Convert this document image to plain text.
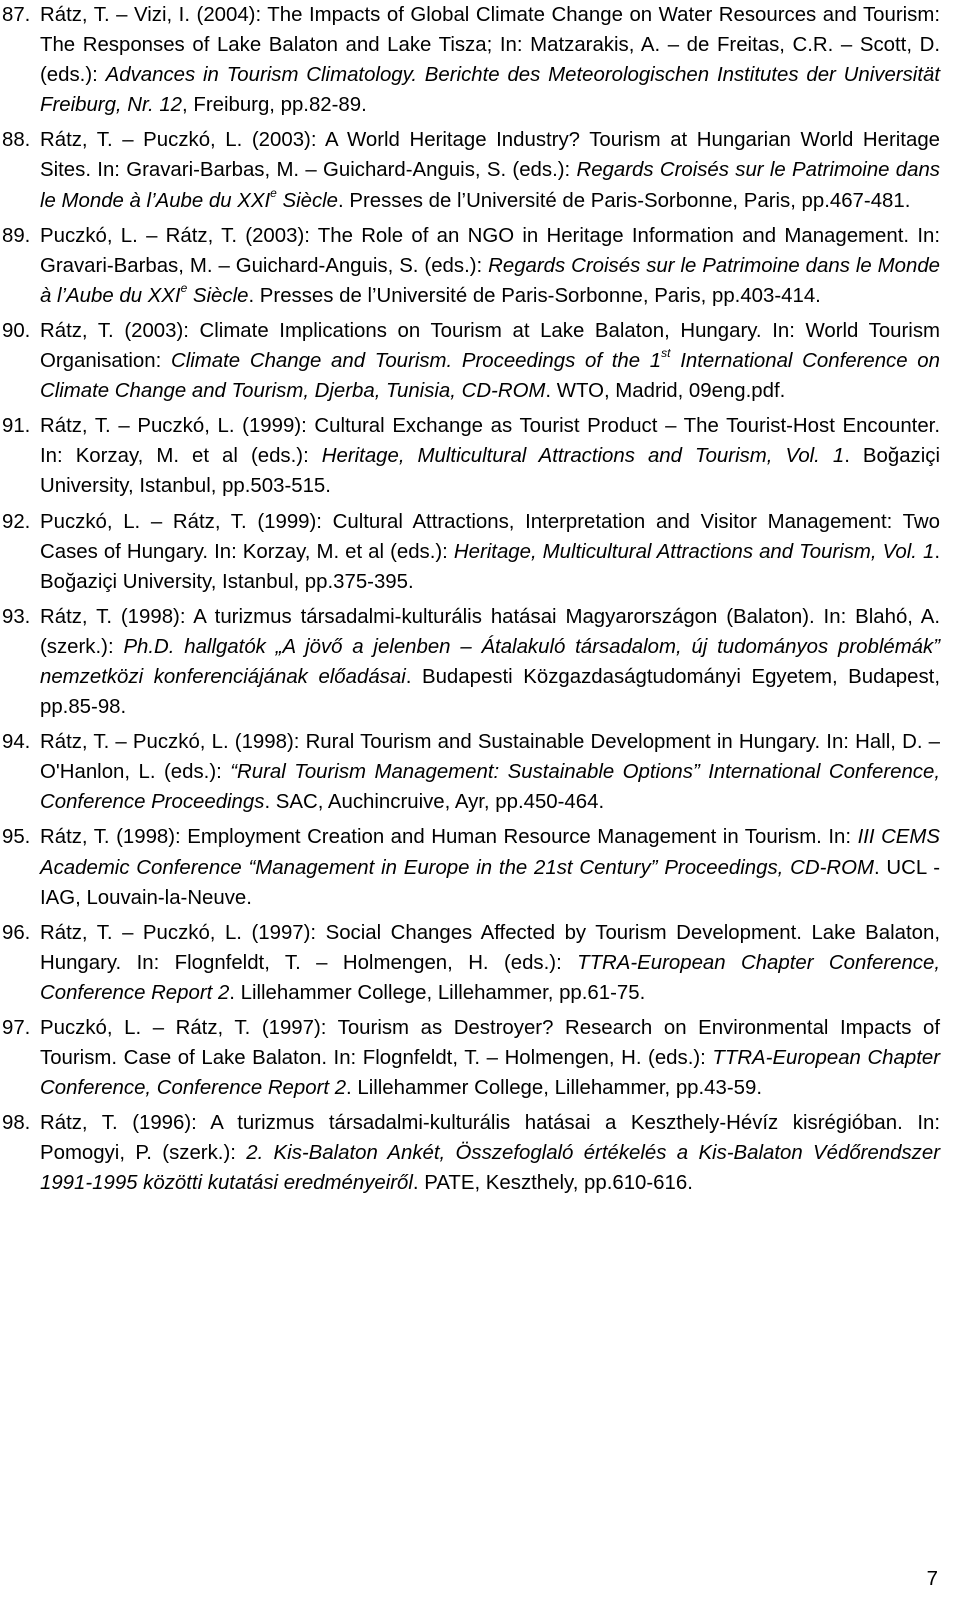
87. Rátz, T. – Vizi, I. (2004): The Impacts of Global Climate Change on Water Resources and Tourism: The Responses of Lake Balaton and Lake Tisza; In: Matzarakis, A. – de Freitas, C.R. – Scott, D. (eds.): Advances in Tourism Climatology. Berichte des Meteorologischen Institutes der Universität Freiburg, Nr. 12, Freiburg, pp.82-89.
88. Rátz, T. – Puczkó, L. (2003): A World Heritage Industry? Tourism at Hungarian World Heritage Sites. In: Gravari-Barbas, M. – Guichard-Anguis, S. (eds.): Regards Croisés sur le Patrimoine dans le Monde à l’Aube du XXIe Siècle. Presses de l’Université de Paris-Sorbonne, Paris, pp.467-481.
89. Puczkó, L. – Rátz, T. (2003): The Role of an NGO in Heritage Information and Management. In: Gravari-Barbas, M. – Guichard-Anguis, S. (eds.): Regards Croisés sur le Patrimoine dans le Monde à l’Aube du XXIe Siècle. Presses de l’Université de Paris-Sorbonne, Paris, pp.403-414.
90. Rátz, T. (2003): Climate Implications on Tourism at Lake Balaton, Hungary. In: World Tourism Organisation: Climate Change and Tourism. Proceedings of the 1st International Conference on Climate Change and Tourism, Djerba, Tunisia, CD-ROM. WTO, Madrid, 09eng.pdf.
91. Rátz, T. – Puczkó, L. (1999): Cultural Exchange as Tourist Product – The Tourist-Host Encounter. In: Korzay, M. et al (eds.): Heritage, Multicultural Attractions and Tourism, Vol. 1. Boğaziçi University, Istanbul, pp.503-515.
92. Puczkó, L. – Rátz, T. (1999): Cultural Attractions, Interpretation and Visitor Management: Two Cases of Hungary. In: Korzay, M. et al (eds.): Heritage, Multicultural Attractions and Tourism, Vol. 1. Boğaziçi University, Istanbul, pp.375-395.
93. Rátz, T. (1998): A turizmus társadalmi-kulturális hatásai Magyarországon (Balaton). In: Blahó, A. (szerk.): Ph.D. hallgatók „A jövő a jelenben – Átalakuló társadalom, új tudományos problémák” nemzetközi konferenciájának előadásai. Budapesti Közgazdaságtudományi Egyetem, Budapest, pp.85-98.
94. Rátz, T. – Puczkó, L. (1998): Rural Tourism and Sustainable Development in Hungary. In: Hall, D. – O'Hanlon, L. (eds.): “Rural Tourism Management: Sustainable Options” International Conference, Conference Proceedings. SAC, Auchincruive, Ayr, pp.450-464.
95. Rátz, T. (1998): Employment Creation and Human Resource Management in Tourism. In: III CEMS Academic Conference “Management in Europe in the 21st Century” Proceedings, CD-ROM. UCL - IAG, Louvain-la-Neuve.
96. Rátz, T. – Puczkó, L. (1997): Social Changes Affected by Tourism Development. Lake Balaton, Hungary. In: Flognfeldt, T. – Holmengen, H. (eds.): TTRA-European Chapter Conference, Conference Report 2. Lillehammer College, Lillehammer, pp.61-75.
97. Puczkó, L. – Rátz, T. (1997): Tourism as Destroyer? Research on Environmental Impacts of Tourism. Case of Lake Balaton. In: Flognfeldt, T. – Holmengen, H. (eds.): TTRA-European Chapter Conference, Conference Report 2. Lillehammer College, Lillehammer, pp.43-59.
98. Rátz, T. (1996): A turizmus társadalmi-kulturális hatásai a Keszthely-Hévíz kisrégióban. In: Pomogyi, P. (szerk.): 2. Kis-Balaton Ankét, Összefoglaló értékelés a Kis-Balaton Védőrendszer 1991-1995 közötti kutatási eredményeiről. PATE, Keszthely, pp.610-616.
7
